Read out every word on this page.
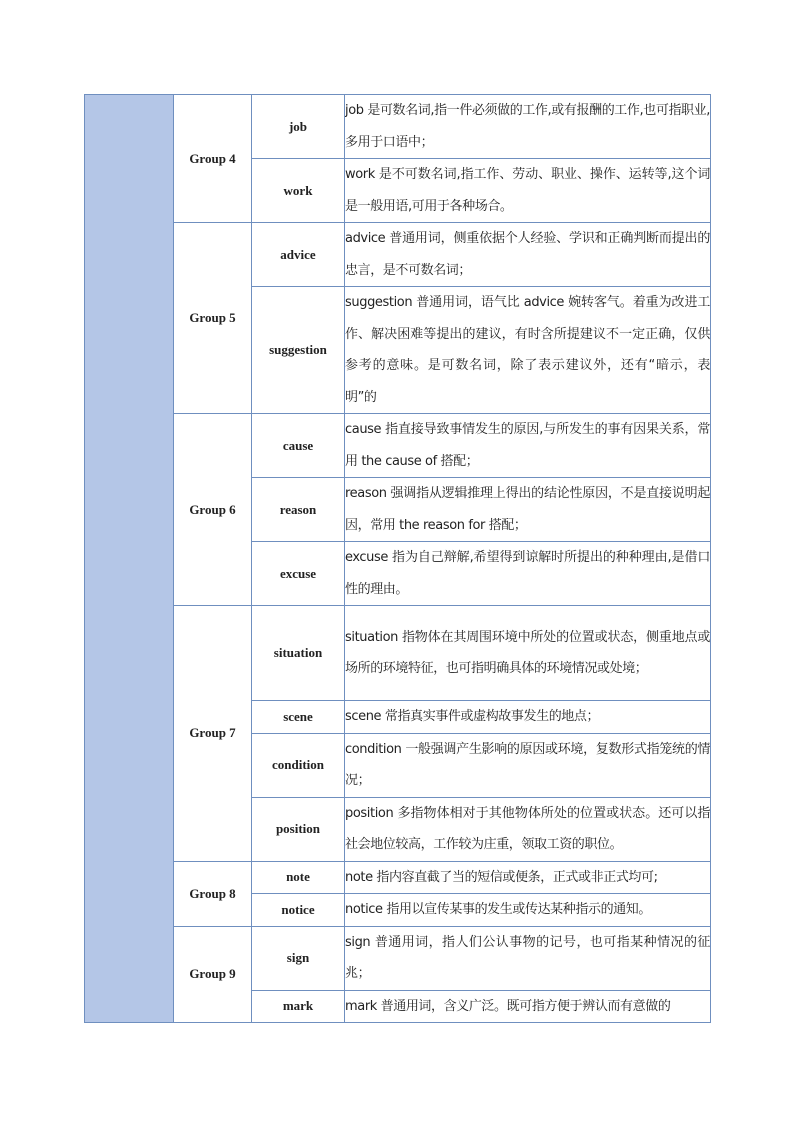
	Group 4	job	job 是可数名词,指一件必须做的工作,或有报酬的工作,也可指职业,多用于口语中；

		work	work 是不可数名词,指工作、劳动、职业、操作、运转等,这个词是一般用语,可用于各种场合。

	Group 5	advice	advice 普通用词，侧重依据个人经验、学识和正确判断而提出的忠言，是不可数名词；

		suggestion	suggestion 普通用词，语气比 advice 婉转客气。着重为改进工作、解决困难等提出的建议，有时含所提建议不一定正确，仅供参考的意味。是可数名词，除了表示建议外，还有“暗示，表明”的

	Group 6	cause	cause 指直接导致事情发生的原因,与所发生的事有因果关系，常用 the cause of 搭配；

		reason	reason 强调指从逻辑推理上得出的结论性原因，不是直接说明起因，常用 the reason for 搭配；

		excuse	excuse 指为自己辩解,希望得到谅解时所提出的种种理由,是借口性的理由。

	Group 7	situation	situation 指物体在其周围环境中所处的位置或状态，侧重地点或场所的环境特征，也可指明确具体的环境情况或处境；

		scene	scene 常指真实事件或虚构故事发生的地点；

		condition	condition 一般强调产生影响的原因或环境，复数形式指笼统的情况；

		position	position 多指物体相对于其他物体所处的位置或状态。还可以指社会地位较高，工作较为庄重，领取工资的职位。

	Group 8	note	note 指内容直截了当的短信或便条，正式或非正式均可;

		notice	notice 指用以宣传某事的发生或传达某种指示的通知。

	Group 9	sign	sign 普通用词，指人们公认事物的记号，也可指某种情况的征兆；

		mark	mark 普通用词，含义广泛。既可指方便于辨认而有意做的
